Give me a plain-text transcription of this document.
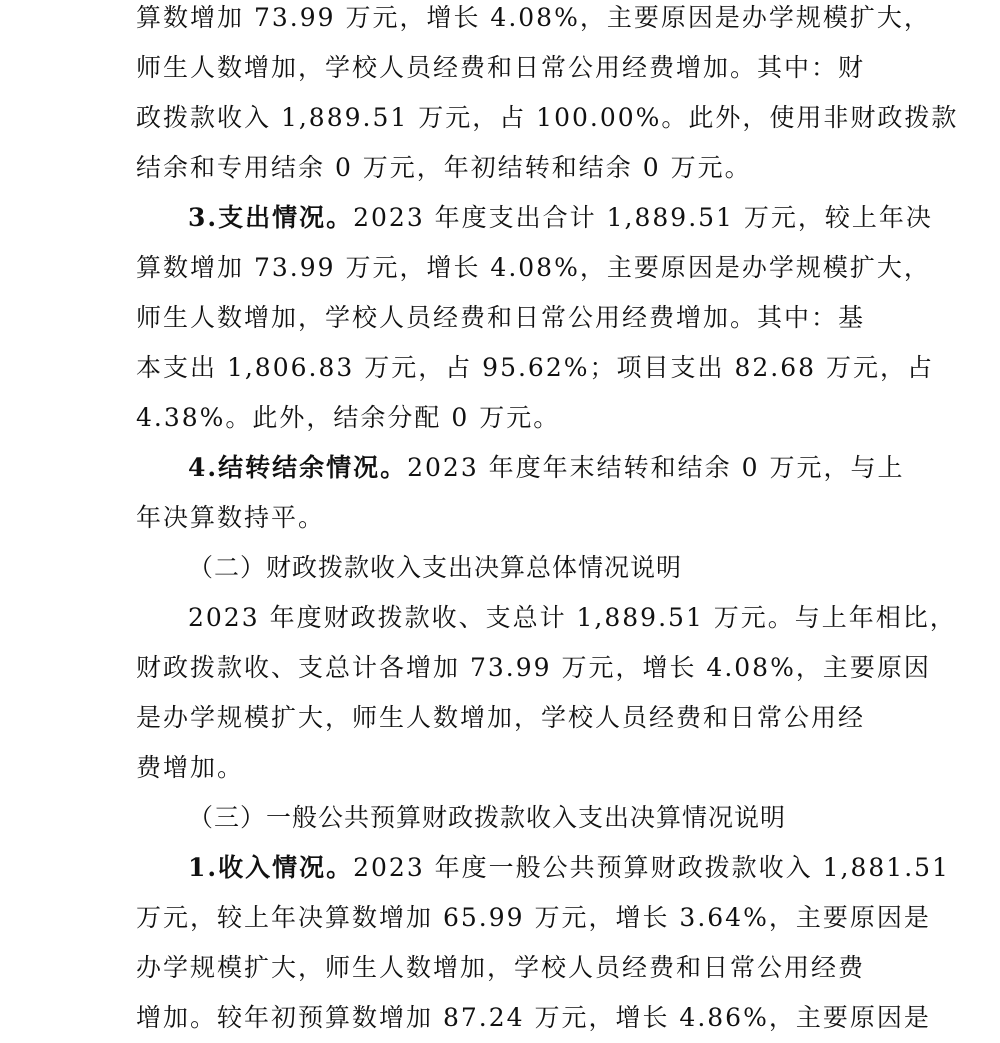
算数增加 73.99 万元，增长 4.08%，主要原因是办学规模扩大，
师生人数增加，学校人员经费和日常公用经费增加。其中：财
政拨款收入 1,889.51 万元，占 100.00%。此外，使用非财政拨款
结余和专用结余 0 万元，年初结转和结余 0 万元。
3.支出情况。2023 年度支出合计 1,889.51 万元，较上年决
算数增加 73.99 万元，增长 4.08%，主要原因是办学规模扩大，
师生人数增加，学校人员经费和日常公用经费增加。其中：基
本支出 1,806.83 万元，占 95.62%；项目支出 82.68 万元，占
4.38%。此外，结余分配 0 万元。
4.结转结余情况。2023 年度年末结转和结余 0 万元，与上
年决算数持平。
（二）财政拨款收入支出决算总体情况说明
2023 年度财政拨款收、支总计 1,889.51 万元。与上年相比，
财政拨款收、支总计各增加 73.99 万元，增长 4.08%，主要原因
是办学规模扩大，师生人数增加，学校人员经费和日常公用经
费增加。
（三）一般公共预算财政拨款收入支出决算情况说明
1.收入情况。2023 年度一般公共预算财政拨款收入 1,881.51
万元，较上年决算数增加 65.99 万元，增长 3.64%，主要原因是
办学规模扩大，师生人数增加，学校人员经费和日常公用经费
增加。较年初预算数增加 87.24 万元，增长 4.86%，主要原因是
